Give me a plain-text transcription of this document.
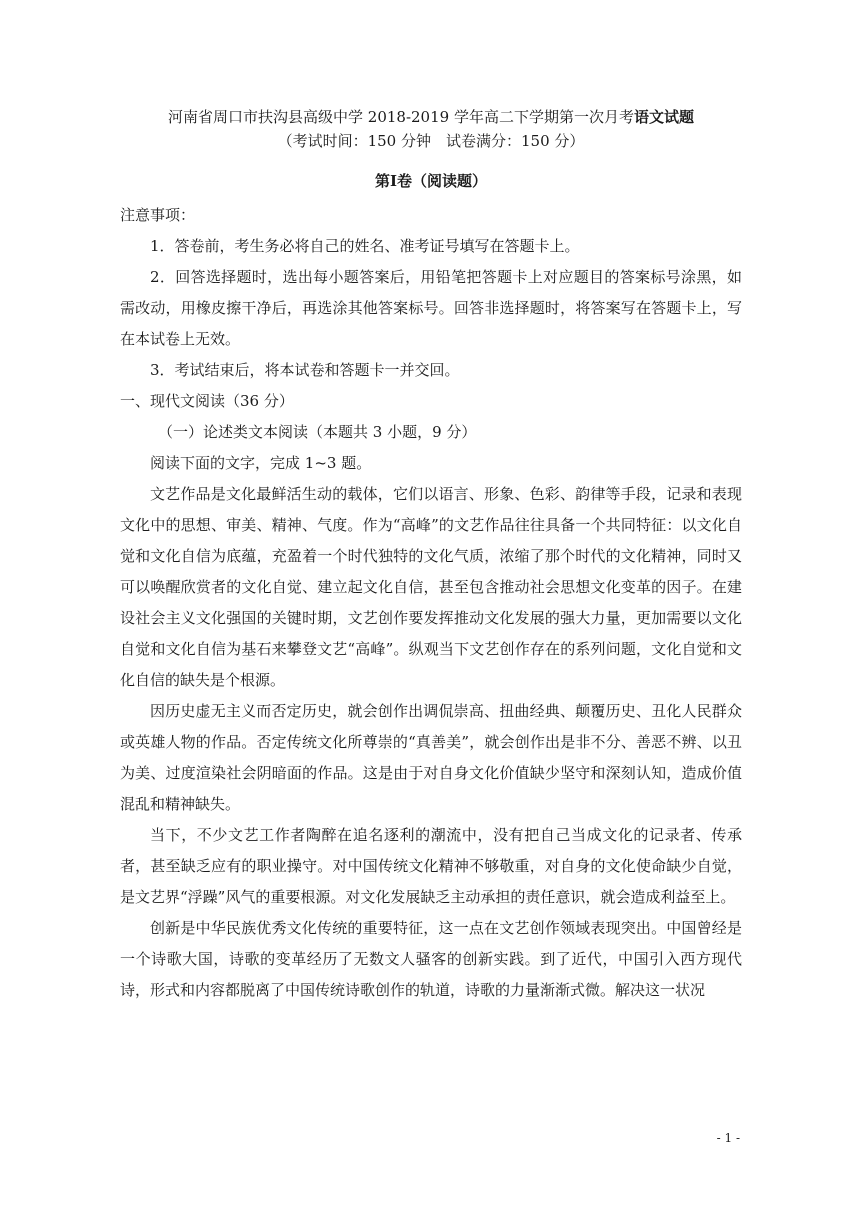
河南省周口市扶沟县高级中学 2018-2019 学年高二下学期第一次月考语文试题

（考试时间：150 分钟　试卷满分：150 分）

第Ⅰ卷（阅读题）

注意事项：

1．答卷前，考生务必将自己的姓名、准考证号填写在答题卡上。

2．回答选择题时，选出每小题答案后，用铅笔把答题卡上对应题目的答案标号涂黑，如需改动，用橡皮擦干净后，再选涂其他答案标号。回答非选择题时，将答案写在答题卡上，写在本试卷上无效。

3．考试结束后，将本试卷和答题卡一并交回。

一、现代文阅读（36 分）

（一）论述类文本阅读（本题共 3 小题，9 分）

阅读下面的文字，完成 1~3 题。

文艺作品是文化最鲜活生动的载体，它们以语言、形象、色彩、韵律等手段，记录和表现文化中的思想、审美、精神、气度。作为“高峰”的文艺作品往往具备一个共同特征：以文化自觉和文化自信为底蕴，充盈着一个时代独特的文化气质，浓缩了那个时代的文化精神，同时又可以唤醒欣赏者的文化自觉、建立起文化自信，甚至包含推动社会思想文化变革的因子。在建设社会主义文化强国的关键时期，文艺创作要发挥推动文化发展的强大力量，更加需要以文化自觉和文化自信为基石来攀登文艺“高峰”。纵观当下文艺创作存在的系列问题，文化自觉和文化自信的缺失是个根源。

因历史虚无主义而否定历史，就会创作出调侃崇高、扭曲经典、颠覆历史、丑化人民群众或英雄人物的作品。否定传统文化所尊崇的“真善美”，就会创作出是非不分、善恶不辨、以丑为美、过度渲染社会阴暗面的作品。这是由于对自身文化价值缺少坚守和深刻认知，造成价值混乱和精神缺失。

当下，不少文艺工作者陶醉在追名逐利的潮流中，没有把自己当成文化的记录者、传承者，甚至缺乏应有的职业操守。对中国传统文化精神不够敬重，对自身的文化使命缺少自觉，是文艺界“浮躁”风气的重要根源。对文化发展缺乏主动承担的责任意识，就会造成利益至上。

创新是中华民族优秀文化传统的重要特征，这一点在文艺创作领域表现突出。中国曾经是一个诗歌大国，诗歌的变革经历了无数文人骚客的创新实践。到了近代，中国引入西方现代诗，形式和内容都脱离了中国传统诗歌创作的轨道，诗歌的力量渐渐式微。解决这一状况

- 1 -
